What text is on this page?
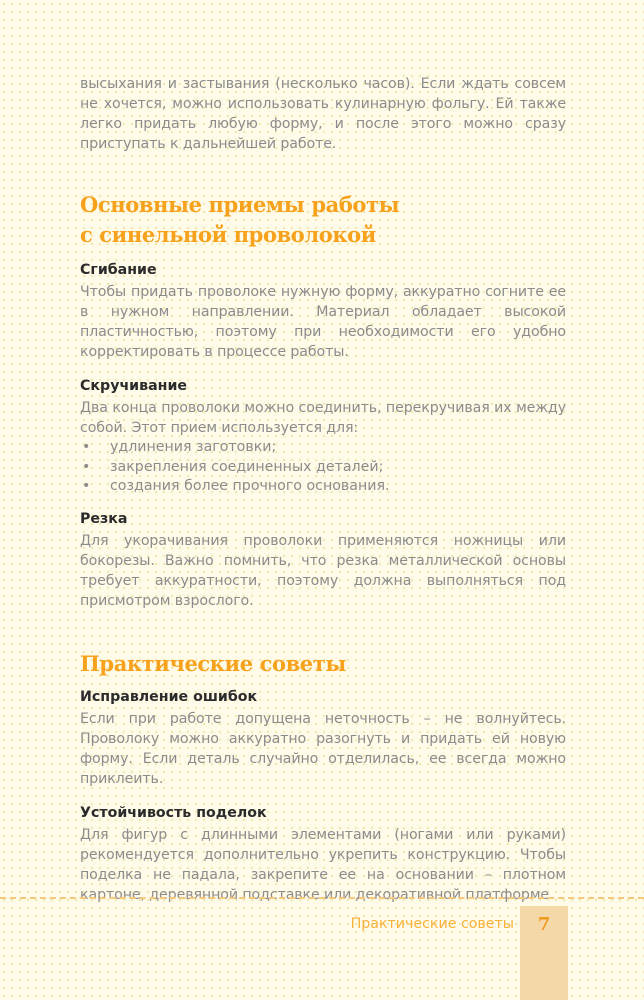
высыхания и застывания (несколько часов). Если ждать совсем не хочется, можно использовать кулинарную фольгу. Ей также легко придать любую форму, и после этого можно сразу приступать к дальнейшей работе.

Основные приемы работы
с синельной проволокой
Сгибание

Чтобы придать проволоке нужную форму, аккуратно согните ее в нужном направлении. Материал обладает высокой пластичностью, поэтому при необходимости его удобно корректировать в процессе работы.

Скручивание

Два конца проволоки можно соединить, перекручивая их между собой. Этот прием используется для:

• удлинения заготовки;
• закрепления соединенных деталей;
• создания более прочного основания.
Резка

Для укорачивания проволоки применяются ножницы или бокорезы. Важно помнить, что резка металлической основы требует аккуратности, поэтому должна выполняться под присмотром взрослого.

Практические советы
Исправление ошибок

Если при работе допущена неточность – не волнуйтесь. Проволоку можно аккуратно разогнуть и придать ей новую форму. Если деталь случайно отделилась, ее всегда можно приклеить.

Устойчивость поделок

Для фигур с длинными элементами (ногами или руками) рекомендуется дополнительно укрепить конструкцию. Чтобы поделка не падала, закрепите ее на основании – плотном картоне, деревянной подставке или декоративной платформе.

Практические советы	7
